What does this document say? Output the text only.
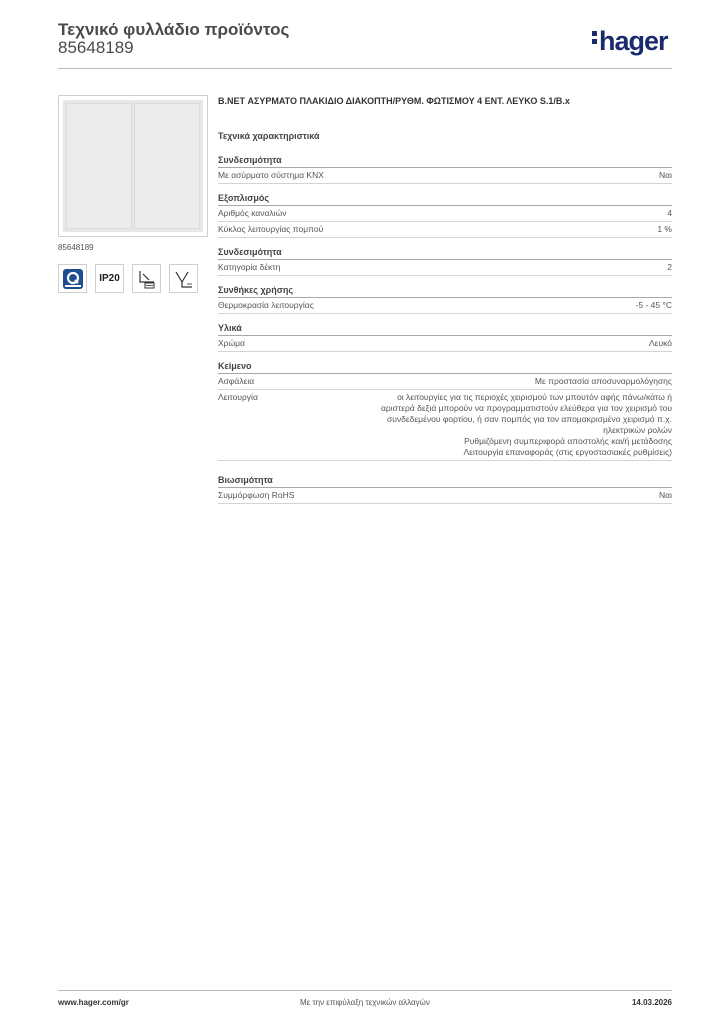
Τεχνικό φυλλάδιο προϊόντος
85648189	hager
85648189
IP20
B.NET ΑΣΥΡΜΑΤΟ ΠΛΑΚΙΔΙΟ ΔΙΑΚΟΠΤΗ/ΡΥΘΜ. ΦΩΤΙΣΜΟΥ 4 ΕΝΤ. ΛΕΥΚΟ S.1/B.x
Τεχνικά χαρακτηριστικά
Συνδεσιμότητα
Με ασύρματο σύστημα KNX	Ναι
Εξοπλισμός
Αριθμός καναλιών	4
Κύκλος λειτουργίας πομπού	1 %
Συνδεσιμότητα
Κατηγορία δέκτη	2
Συνθήκες χρήσης
Θερμοκρασία λειτουργίας	-5 - 45 °C
Υλικά
Χρώμα	Λευκό
Κείμενο
Ασφάλεια	Με προστασία αποσυναρμολόγησης
Λειτουργία	οι λειτουργίες για τις περιοχές χειρισμού των μπουτόν αφής πάνω/κάτω ή
αριστερά δεξιά μπορούν να προγραμματιστούν ελεύθερα για τον χειρισμό του
συνδεδεμένου φορτίου, ή σαν πομπός για τον απομακρισμένο χειρισμό π.χ.
ηλεκτρικών ρολών
Ρυθμιζόμενη συμπεριφορά αποστολής και/ή μετάδοσης
Λειτουργία επαναφοράς (στις εργοστασιακές ρυθμίσεις)
Βιωσιμότητα
Συμμόρφωση RoHS	Ναι
www.hager.com/gr	Με την επιφύλαξη τεχνικών αλλαγών	14.03.2026
